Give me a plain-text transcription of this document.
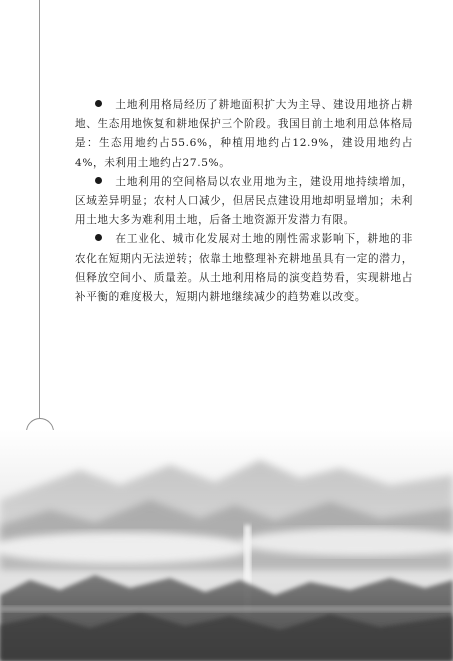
土地利用格局经历了耕地面积扩大为主导、建设用地挤占耕地、生态用地恢复和耕地保护三个阶段。我国目前土地利用总体格局是：生态用地约占55.6%，种植用地约占12.9%，建设用地约占4%，未利用土地约占27.5%。

土地利用的空间格局以农业用地为主，建设用地持续增加，区域差异明显；农村人口减少，但居民点建设用地却明显增加；未利用土地大多为难利用土地，后备土地资源开发潜力有限。

在工业化、城市化发展对土地的刚性需求影响下，耕地的非农化在短期内无法逆转；依靠土地整理补充耕地虽具有一定的潜力，但释放空间小、质量差。从土地利用格局的演变趋势看，实现耕地占补平衡的难度极大，短期内耕地继续减少的趋势难以改变。
